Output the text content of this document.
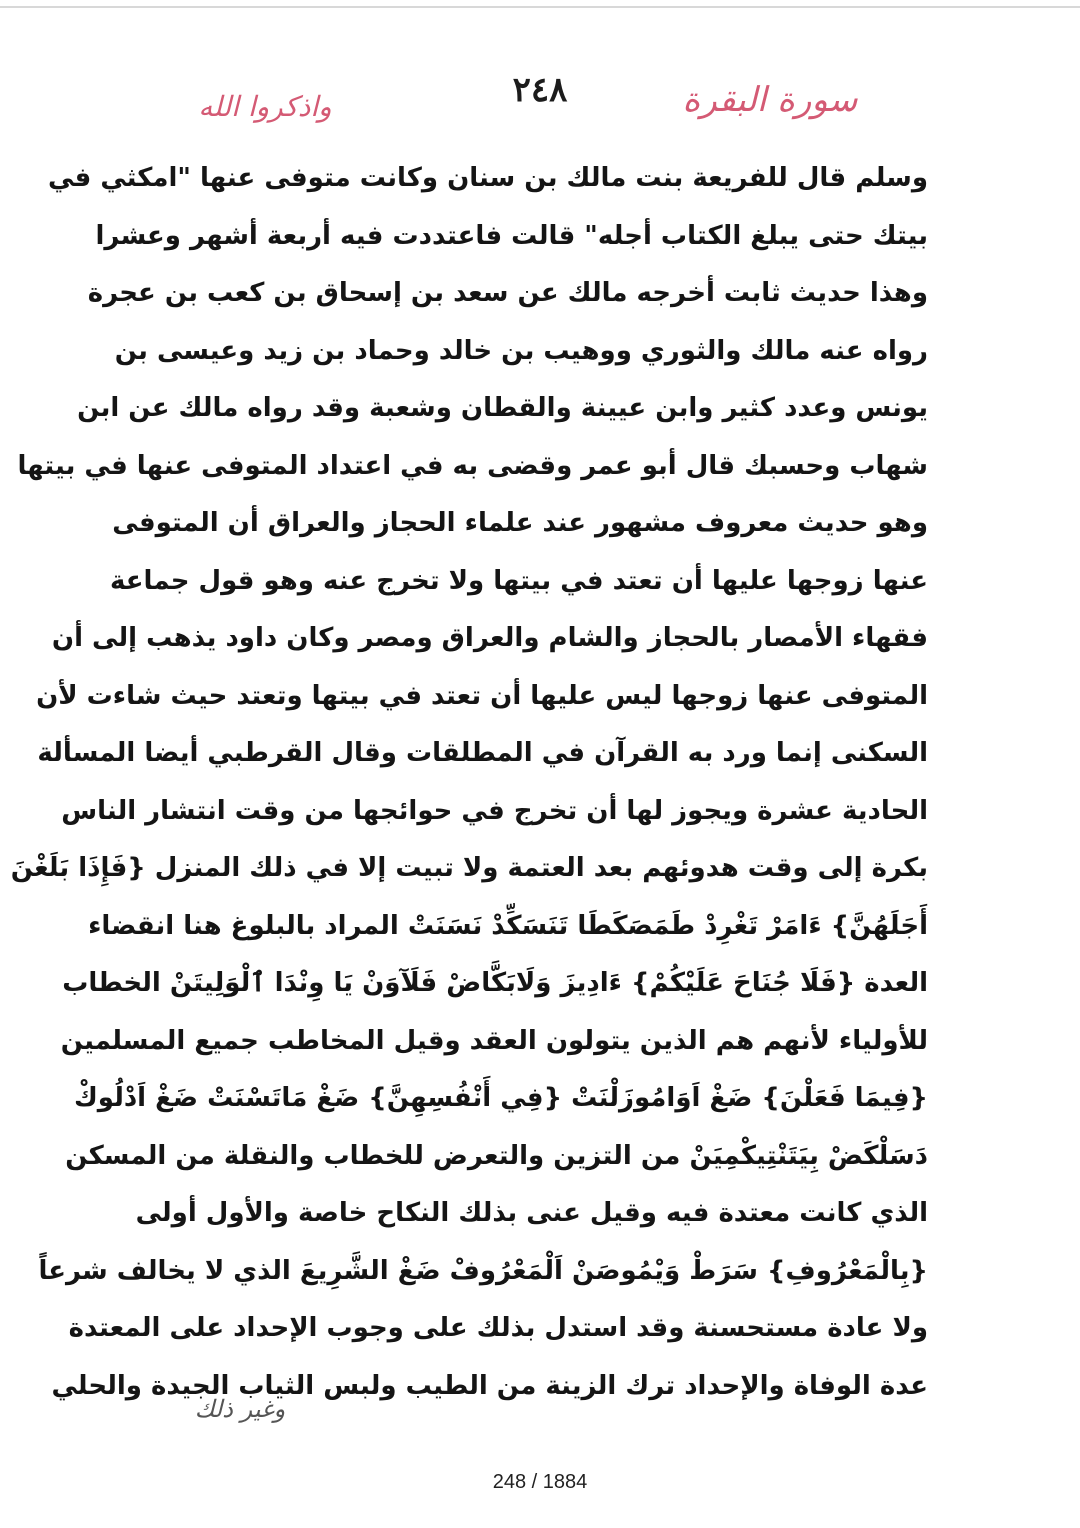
٢٤٨	سورة البقرة
واذكروا الله
وسلم قال للفريعة بنت مالك بن سنان وكانت متوفى عنها "امكثي في
بيتك حتى يبلغ الكتاب أجله" قالت فاعتددت فيه أربعة أشهر وعشرا
وهذا حديث ثابت أخرجه مالك عن سعد بن إسحاق بن كعب بن عجرة
رواه عنه مالك والثوري ووهيب بن خالد وحماد بن زيد وعيسى بن
يونس وعدد كثير وابن عيينة والقطان وشعبة وقد رواه مالك عن ابن
شهاب وحسبك قال أبو عمر وقضى به في اعتداد المتوفى عنها في بيتها
وهو حديث معروف مشهور عند علماء الحجاز والعراق أن المتوفى
عنها زوجها عليها أن تعتد في بيتها ولا تخرج عنه وهو قول جماعة
فقهاء الأمصار بالحجاز والشام والعراق ومصر وكان داود يذهب إلى أن
المتوفى عنها زوجها ليس عليها أن تعتد في بيتها وتعتد حيث شاءت لأن
السكنى إنما ورد به القرآن في المطلقات وقال القرطبي أيضا المسألة
الحادية عشرة ويجوز لها أن تخرج في حوائجها من وقت انتشار الناس
بكرة إلى وقت هدوئهم بعد العتمة ولا تبيت إلا في ذلك المنزل {فَإِذَا بَلَغْنَ
أَجَلَهُنَّ} ءَامَرْ تَغْرِدْ طَمَصَكَطَا تَنَسَكِّدْ نَسَنَتْ المراد بالبلوغ هنا انقضاء
العدة {فَلَا جُنَاحَ عَلَيْكُمْ} ءَادِيزَ وَلَابَكَّاضْ فَلَآوَنْ يَا وِنْدَا ٱلْوَلِيتَنْ الخطاب
للأولياء لأنهم هم الذين يتولون العقد وقيل المخاطب جميع المسلمين
{فِيمَا فَعَلْنَ} ضَغْ اَوَامُوزَلْنَتْ {فِي أَنْفُسِهِنَّ} ضَغْ مَاتَسْنَتْ ضَغْ اَدْلُوكْ
دَسَلْكَضْ بِيَتَنْتِيكْمِيَنْ من التزين والتعرض للخطاب والنقلة من المسكن
الذي كانت معتدة فيه وقيل عنى بذلك النكاح خاصة والأول أولى
{بِالْمَعْرُوفِ} سَرَطْ وَيْمُوصَنْ اَلْمَعْرُوفْ ضَغْ الشَّرِيعَ الذي لا يخالف شرعاً
ولا عادة مستحسنة وقد استدل بذلك على وجوب الإحداد على المعتدة
عدة الوفاة والإحداد ترك الزينة من الطيب ولبس الثياب الجيدة والحلي
وغير ذلك
248 / 1884
